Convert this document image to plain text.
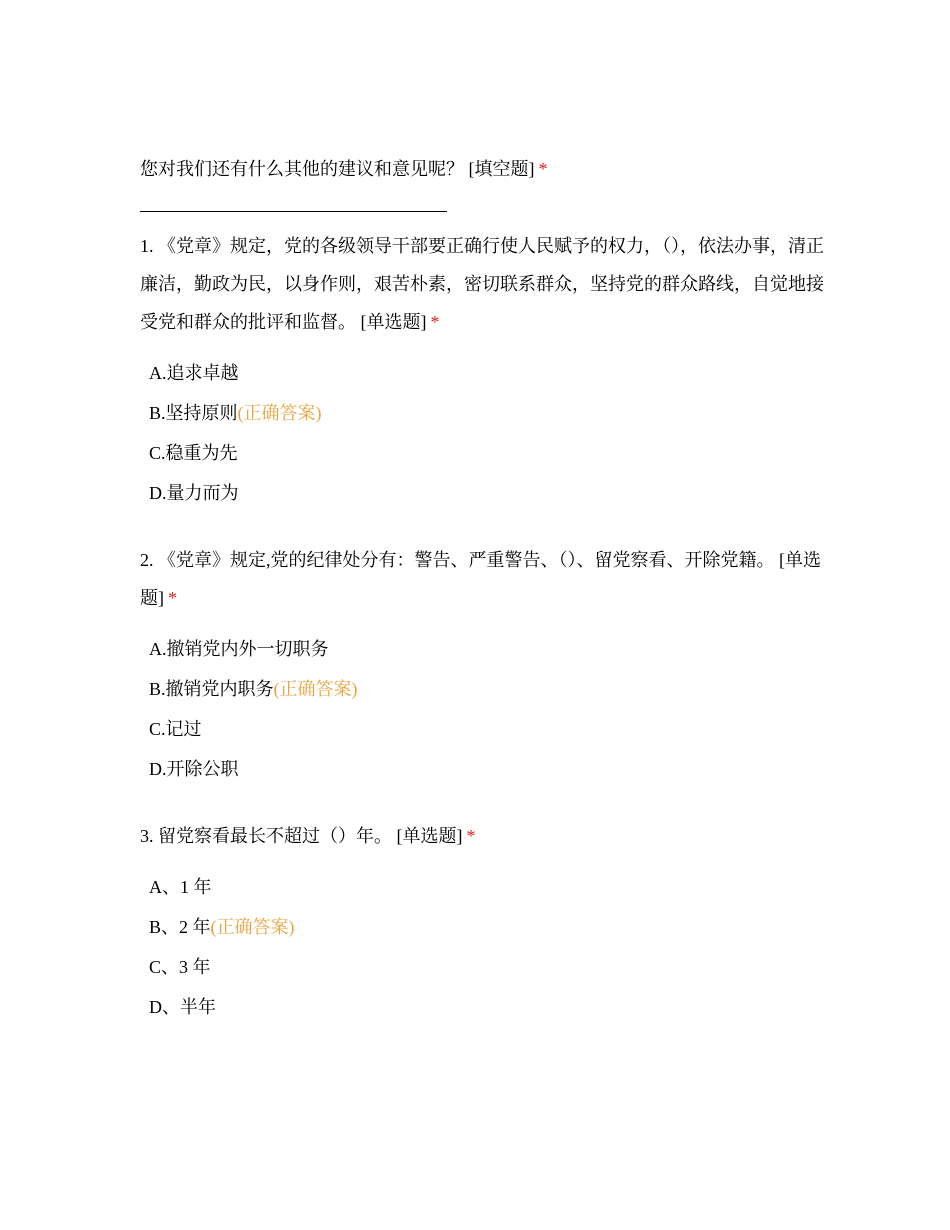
您对我们还有什么其他的建议和意见呢？ [填空题] *

1. 《党章》规定，党的各级领导干部要正确行使人民赋予的权力，（），依法办事，清正廉洁，勤政为民，以身作则，艰苦朴素，密切联系群众，坚持党的群众路线，自觉地接受党和群众的批评和监督。 [单选题] *

A.追求卓越
B.坚持原则(正确答案)
C.稳重为先
D.量力而为

2. 《党章》规定,党的纪律处分有：警告、严重警告、（）、留党察看、开除党籍。 [单选题] *

A.撤销党内外一切职务
B.撤销党内职务(正确答案)
C.记过
D.开除公职

3. 留党察看最长不超过（）年。 [单选题] *

A、1 年
B、2 年(正确答案)
C、3 年
D、半年
